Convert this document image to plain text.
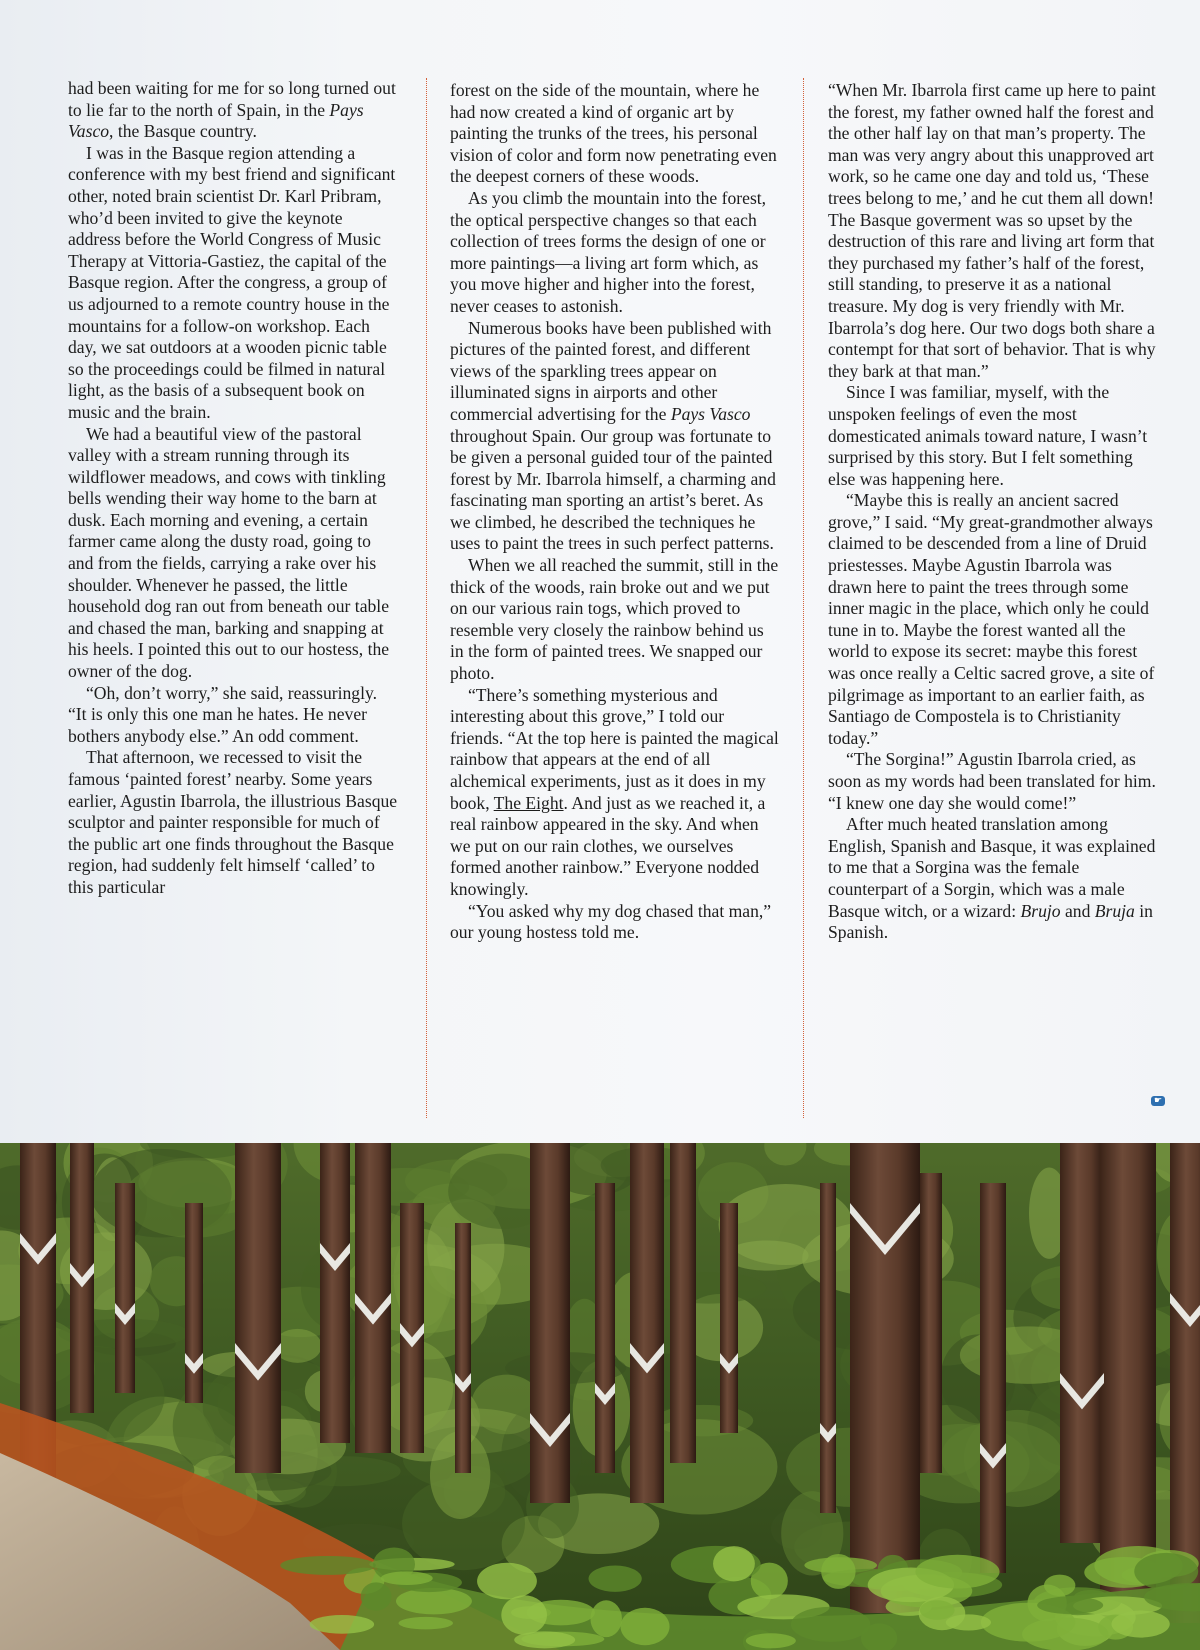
had been waiting for me for so long turned out to lie far to the north of Spain, in the Pays Vasco, the Basque country.

I was in the Basque region attending a conference with my best friend and significant other, noted brain scientist Dr. Karl Pribram, who’d been invited to give the keynote address before the World Congress of Music Therapy at Vittoria-Gastiez, the capital of the Basque region. After the congress, a group of us adjourned to a remote country house in the mountains for a follow-on workshop. Each day, we sat outdoors at a wooden picnic table so the proceedings could be filmed in natural light, as the basis of a subsequent book on music and the brain.

We had a beautiful view of the pastoral valley with a stream running through its wildflower meadows, and cows with tinkling bells wending their way home to the barn at dusk. Each morning and evening, a certain farmer came along the dusty road, going to and from the fields, carrying a rake over his shoulder. Whenever he passed, the little household dog ran out from beneath our table and chased the man, barking and snapping at his heels. I pointed this out to our hostess, the owner of the dog.

“Oh, don’t worry,” she said, reassuringly. “It is only this one man he hates. He never bothers anybody else.” An odd comment.

That afternoon, we recessed to visit the famous ‘painted forest’ nearby. Some years earlier, Agustin Ibarrola, the illustrious Basque sculptor and painter responsible for much of the public art one finds throughout the Basque region, had suddenly felt himself ‘called’ to this particular

forest on the side of the mountain, where he had now created a kind of organic art by painting the trunks of the trees, his personal vision of color and form now penetrating even the deepest corners of these woods.

As you climb the mountain into the forest, the optical perspective changes so that each collection of trees forms the design of one or more paintings—a living art form which, as you move higher and higher into the forest, never ceases to astonish.

Numerous books have been published with pictures of the painted forest, and different views of the sparkling trees appear on illuminated signs in airports and other commercial advertising for the Pays Vasco throughout Spain. Our group was fortunate to be given a personal guided tour of the painted forest by Mr. Ibarrola himself, a charming and fascinating man sporting an artist’s beret. As we climbed, he described the techniques he uses to paint the trees in such perfect patterns.

When we all reached the summit, still in the thick of the woods, rain broke out and we put on our various rain togs, which proved to resemble very closely the rainbow behind us in the form of painted trees. We snapped our photo.

“There’s something mysterious and interesting about this grove,” I told our friends. “At the top here is painted the magical rainbow that appears at the end of all alchemical experiments, just as it does in my book, The Eight. And just as we reached it, a real rainbow appeared in the sky. And when we put on our rain clothes, we ourselves formed another rainbow.” Everyone nodded knowingly.

“You asked why my dog chased that man,” our young hostess told me.

“When Mr. Ibarrola first came up here to paint the forest, my father owned half the forest and the other half lay on that man’s property. The man was very angry about this unapproved art work, so he came one day and told us, ‘These trees belong to me,’ and he cut them all down! The Basque goverment was so upset by the destruction of this rare and living art form that they purchased my father’s half of the forest, still standing, to preserve it as a national treasure. My dog is very friendly with Mr. Ibarrola’s dog here. Our two dogs both share a contempt for that sort of behavior. That is why they bark at that man.”

Since I was familiar, myself, with the unspoken feelings of even the most domesticated animals toward nature, I wasn’t surprised by this story. But I felt something else was happening here.

“Maybe this is really an ancient sacred grove,” I said. “My great-grandmother always claimed to be descended from a line of Druid priestesses. Maybe Agustin Ibarrola was drawn here to paint the trees through some inner magic in the place, which only he could tune in to. Maybe the forest wanted all the world to expose its secret: maybe this forest was once really a Celtic sacred grove, a site of pilgrimage as important to an earlier faith, as Santiago de Compostela is to Christianity today.”

“The Sorgina!” Agustin Ibarrola cried, as soon as my words had been translated for him. “I knew one day she would come!”

After much heated translation among English, Spanish and Basque, it was explained to me that a Sorgina was the female counterpart of a Sorgin, which was a male Basque witch, or a wizard: Brujo and Bruja in Spanish.

☛
